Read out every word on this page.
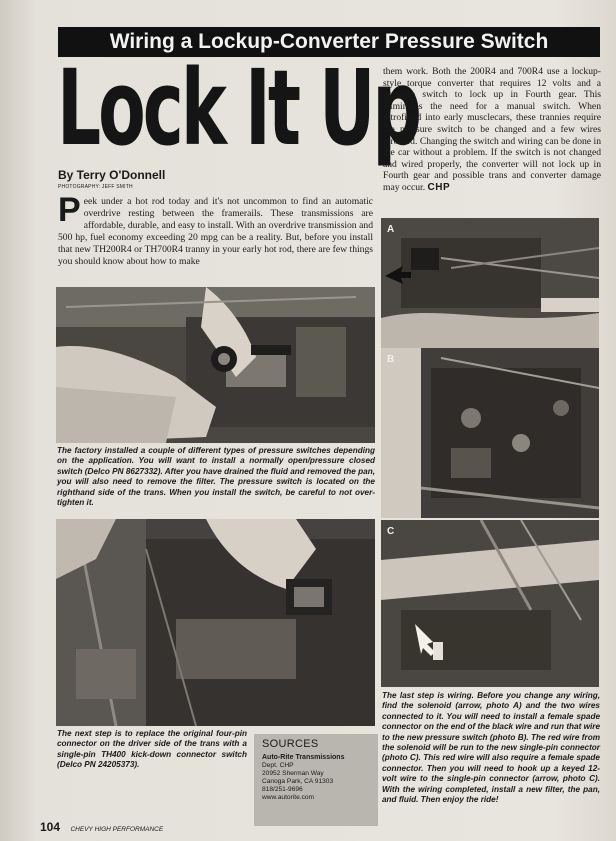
Wiring a Lockup-Converter Pressure Switch
Lock It Up
By Terry O'Donnell
PHOTOGRAPHY: JEFF SMITH
Peek under a hot rod today and it's not uncommon to find an automatic overdrive resting between the framerails. These transmissions are affordable, durable, and easy to install. With an overdrive transmission and 500 hp, fuel economy exceeding 20 mpg can be a reality. But, before you install that new TH200R4 or TH700R4 tranny in your early hot rod, there are few things you should know about how to make
them work. Both the 200R4 and 700R4 use a lockup-style torque converter that requires 12 volts and a pressure switch to lock up in Fourth gear. This eliminates the need for a manual switch. When retrofitted into early musclecars, these trannies require the pressure switch to be changed and a few wires rerouted. Changing the switch and wiring can be done in the car without a problem. If the switch is not changed and wired properly, the converter will not lock up in Fourth gear and possible trans and converter damage may occur. CHP
The factory installed a couple of different types of pressure switches depending on the application. You will want to install a normally open/pressure closed switch (Delco PN 8627332). After you have drained the fluid and removed the pan, you will also need to remove the filter. The pressure switch is located on the righthand side of the trans. When you install the switch, be careful to not over-tighten it.
The next step is to replace the original four-pin connector on the driver side of the trans with a single-pin TH400 kick-down connector switch (Delco PN 24205373).
SOURCES
Auto-Rite Transmissions
Dept. CHP
20952 Sherman Way
Canoga Park, CA 91303
818/251-9696
www.autorite.com
A
B
C
The last step is wiring. Before you change any wiring, find the solenoid (arrow, photo A) and the two wires connected to it. You will need to install a female spade connector on the end of the black wire and run that wire to the new pressure switch (photo B). The red wire from the solenoid will be run to the new single-pin connector (photo C). This red wire will also require a female spade connector. Then you will need to hook up a keyed 12-volt wire to the single-pin connector (arrow, photo C). With the wiring completed, install a new filter, the pan, and fluid. Then enjoy the ride!
104 CHEVY HIGH PERFORMANCE
